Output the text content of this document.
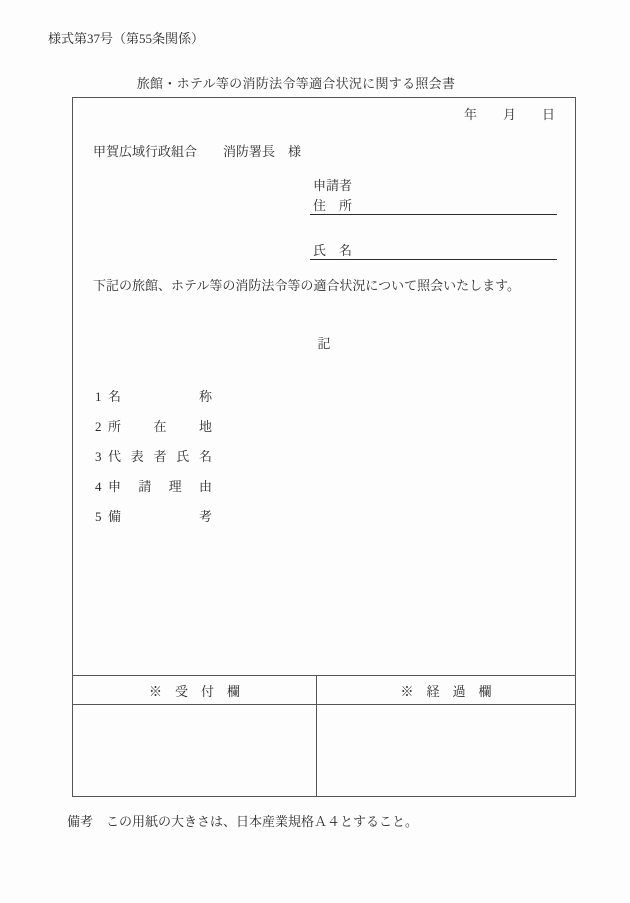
様式第37号（第55条関係）
旅館・ホテル等の消防法令等適合状況に関する照会書
年　　月　　日
甲賀広域行政組合　　消防署長　様
申請者
住　所
氏　名
下記の旅館、ホテル等の消防法令等の適合状況について照会いたします。
記
1 名	称
2 所 在 地
3 代 表 者 氏 名
4 申 請 理 由
5 備	考
※　受　付　欄	※　経　過　欄
備考 この用紙の大きさは、日本産業規格Ａ４とすること。
